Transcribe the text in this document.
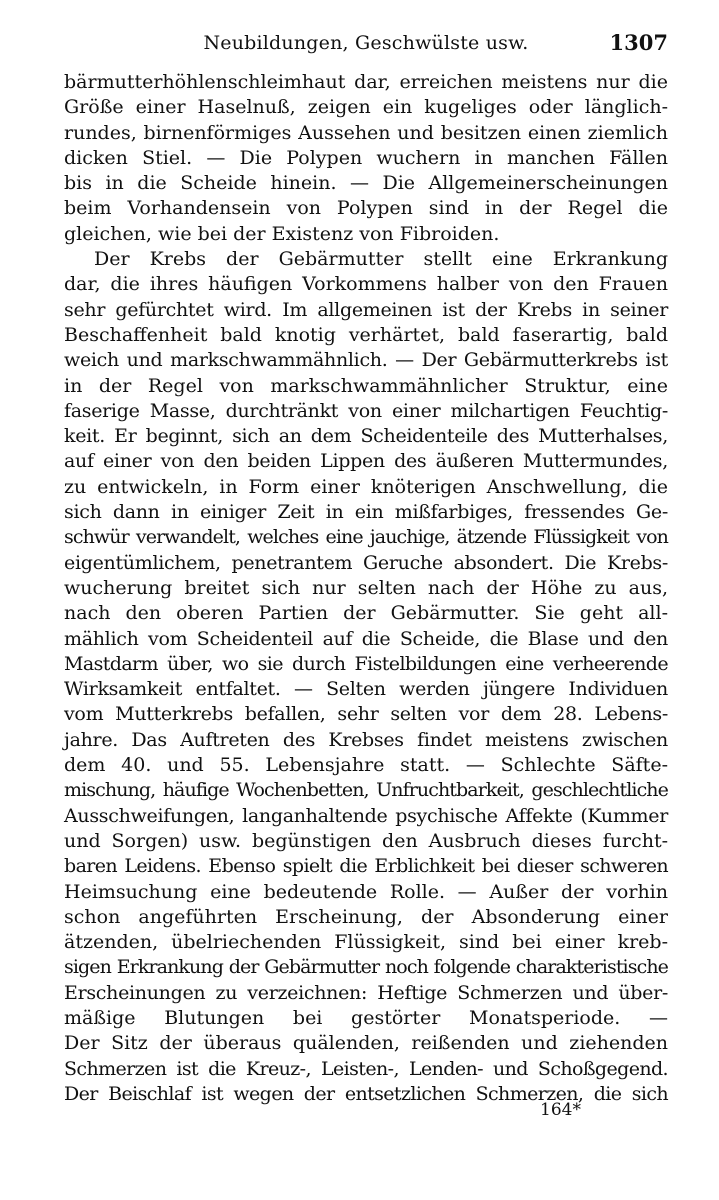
Neubildungen, Geschwülste usw.	1307
bärmutterhöhlenschleimhaut dar, erreichen meistens nur die
Größe einer Haselnuß, zeigen ein kugeliges oder länglich-
rundes, birnenförmiges Aussehen und besitzen einen ziemlich
dicken Stiel. — Die Polypen wuchern in manchen Fällen
bis in die Scheide hinein. — Die Allgemeinerscheinungen
beim Vorhandensein von Polypen sind in der Regel die
gleichen, wie bei der Existenz von Fibroiden.
Der Krebs der Gebärmutter stellt eine Erkrankung
dar, die ihres häufigen Vorkommens halber von den Frauen
sehr gefürchtet wird. Im allgemeinen ist der Krebs in seiner
Beschaffenheit bald knotig verhärtet, bald faserartig, bald
weich und markschwammähnlich. — Der Gebärmutterkrebs ist
in der Regel von markschwammähnlicher Struktur, eine
faserige Masse, durchtränkt von einer milchartigen Feuchtig-
keit. Er beginnt, sich an dem Scheidenteile des Mutterhalses,
auf einer von den beiden Lippen des äußeren Muttermundes,
zu entwickeln, in Form einer knöterigen Anschwellung, die
sich dann in einiger Zeit in ein mißfarbiges, fressendes Ge-
schwür verwandelt, welches eine jauchige, ätzende Flüssigkeit von
eigentümlichem, penetrantem Geruche absondert. Die Krebs-
wucherung breitet sich nur selten nach der Höhe zu aus,
nach den oberen Partien der Gebärmutter. Sie geht all-
mählich vom Scheidenteil auf die Scheide, die Blase und den
Mastdarm über, wo sie durch Fistelbildungen eine verheerende
Wirksamkeit entfaltet. — Selten werden jüngere Individuen
vom Mutterkrebs befallen, sehr selten vor dem 28. Lebens-
jahre. Das Auftreten des Krebses findet meistens zwischen
dem 40. und 55. Lebensjahre statt. — Schlechte Säfte-
mischung, häufige Wochenbetten, Unfruchtbarkeit, geschlechtliche
Ausschweifungen, langanhaltende psychische Affekte (Kummer
und Sorgen) usw. begünstigen den Ausbruch dieses furcht-
baren Leidens. Ebenso spielt die Erblichkeit bei dieser schweren
Heimsuchung eine bedeutende Rolle. — Außer der vorhin
schon angeführten Erscheinung, der Absonderung einer
ätzenden, übelriechenden Flüssigkeit, sind bei einer kreb-
sigen Erkrankung der Gebärmutter noch folgende charakteristische
Erscheinungen zu verzeichnen: Heftige Schmerzen und über-
mäßige Blutungen bei gestörter Monatsperiode. —
Der Sitz der überaus quälenden, reißenden und ziehenden
Schmerzen ist die Kreuz-, Leisten-, Lenden- und Schoßgegend.
Der Beischlaf ist wegen der entsetzlichen Schmerzen, die sich
164*
